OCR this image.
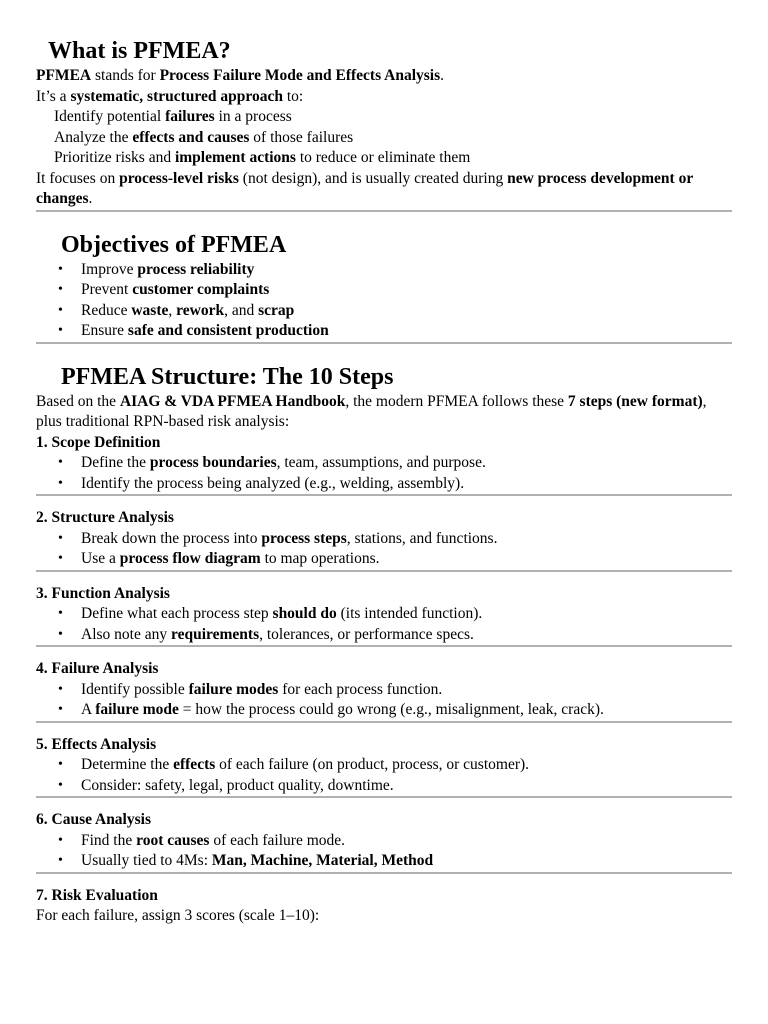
What is PFMEA?

PFMEA stands for Process Failure Mode and Effects Analysis.

It’s a systematic, structured approach to:

Identify potential failures in a process

Analyze the effects and causes of those failures

Prioritize risks and implement actions to reduce or eliminate them

It focuses on process-level risks (not design), and is usually created during new process development or changes.

Objectives of PFMEA
• Improve process reliability
• Prevent customer complaints
• Reduce waste, rework, and scrap
• Ensure safe and consistent production
PFMEA Structure: The 10 Steps

Based on the AIAG & VDA PFMEA Handbook, the modern PFMEA follows these 7 steps (new format), plus traditional RPN-based risk analysis:

1. Scope Definition

• Define the process boundaries, team, assumptions, and purpose.
• Identify the process being analyzed (e.g., welding, assembly).

2. Structure Analysis

• Break down the process into process steps, stations, and functions.
• Use a process flow diagram to map operations.

3. Function Analysis

• Define what each process step should do (its intended function).
• Also note any requirements, tolerances, or performance specs.

4. Failure Analysis

• Identify possible failure modes for each process function.
• A failure mode = how the process could go wrong (e.g., misalignment, leak, crack).

5. Effects Analysis

• Determine the effects of each failure (on product, process, or customer).
• Consider: safety, legal, product quality, downtime.

6. Cause Analysis

• Find the root causes of each failure mode.
• Usually tied to 4Ms: Man, Machine, Material, Method

7. Risk Evaluation

For each failure, assign 3 scores (scale 1–10):
